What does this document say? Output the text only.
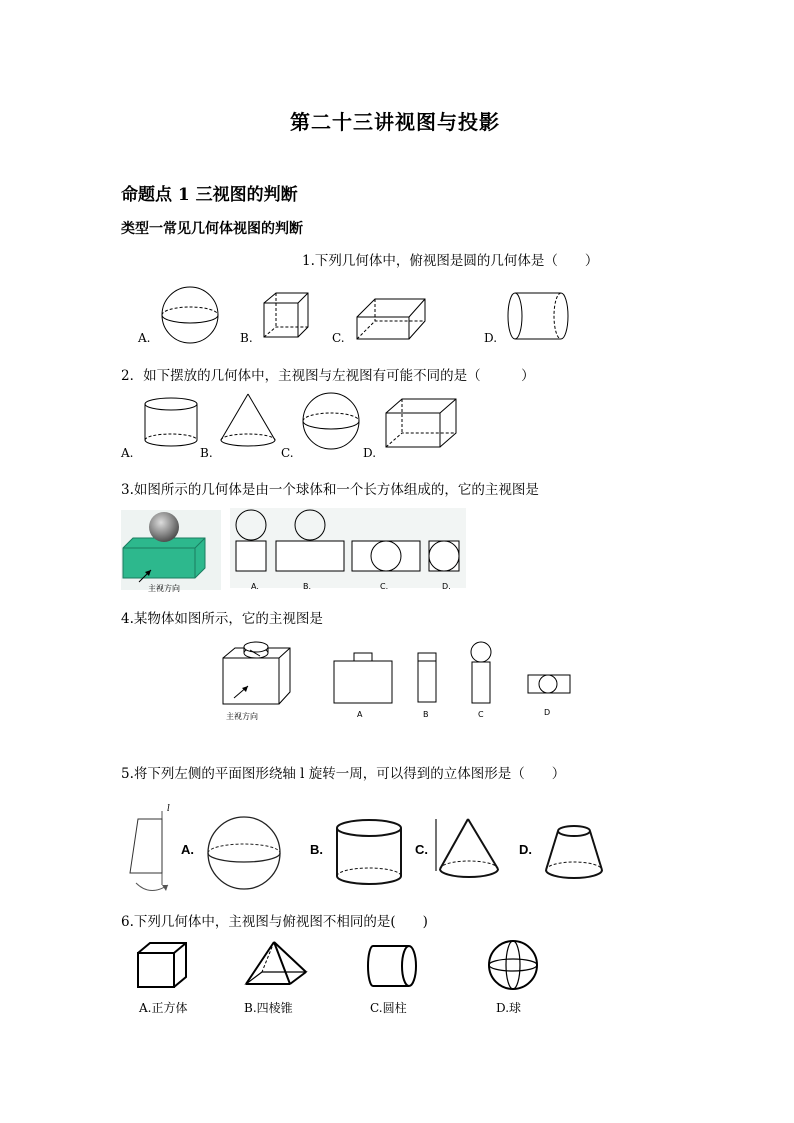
第二十三讲视图与投影
命题点 1 三视图的判断
类型一常见几何体视图的判断
1.下列几何体中，俯视图是圆的几何体是（　　）
A.	B.	C.	D.
2．如下摆放的几何体中，主视图与左视图有可能不同的是（　　　）
A.	B.	C.	D.
3.如图所示的几何体是由一个球体和一个长方体组成的，它的主视图是
主视方向	A.	B.	C.	D.
4.某物体如图所示，它的主视图是
主视方向	A	B	C	D
5.将下列左侧的平面图形绕轴 l 旋转一周，可以得到的立体图形是（　　）
l
A.	B.	C.	D.
6.下列几何体中，主视图与俯视图不相同的是(　　)
A.正方体	B.四棱锥	C.圆柱	D.球
